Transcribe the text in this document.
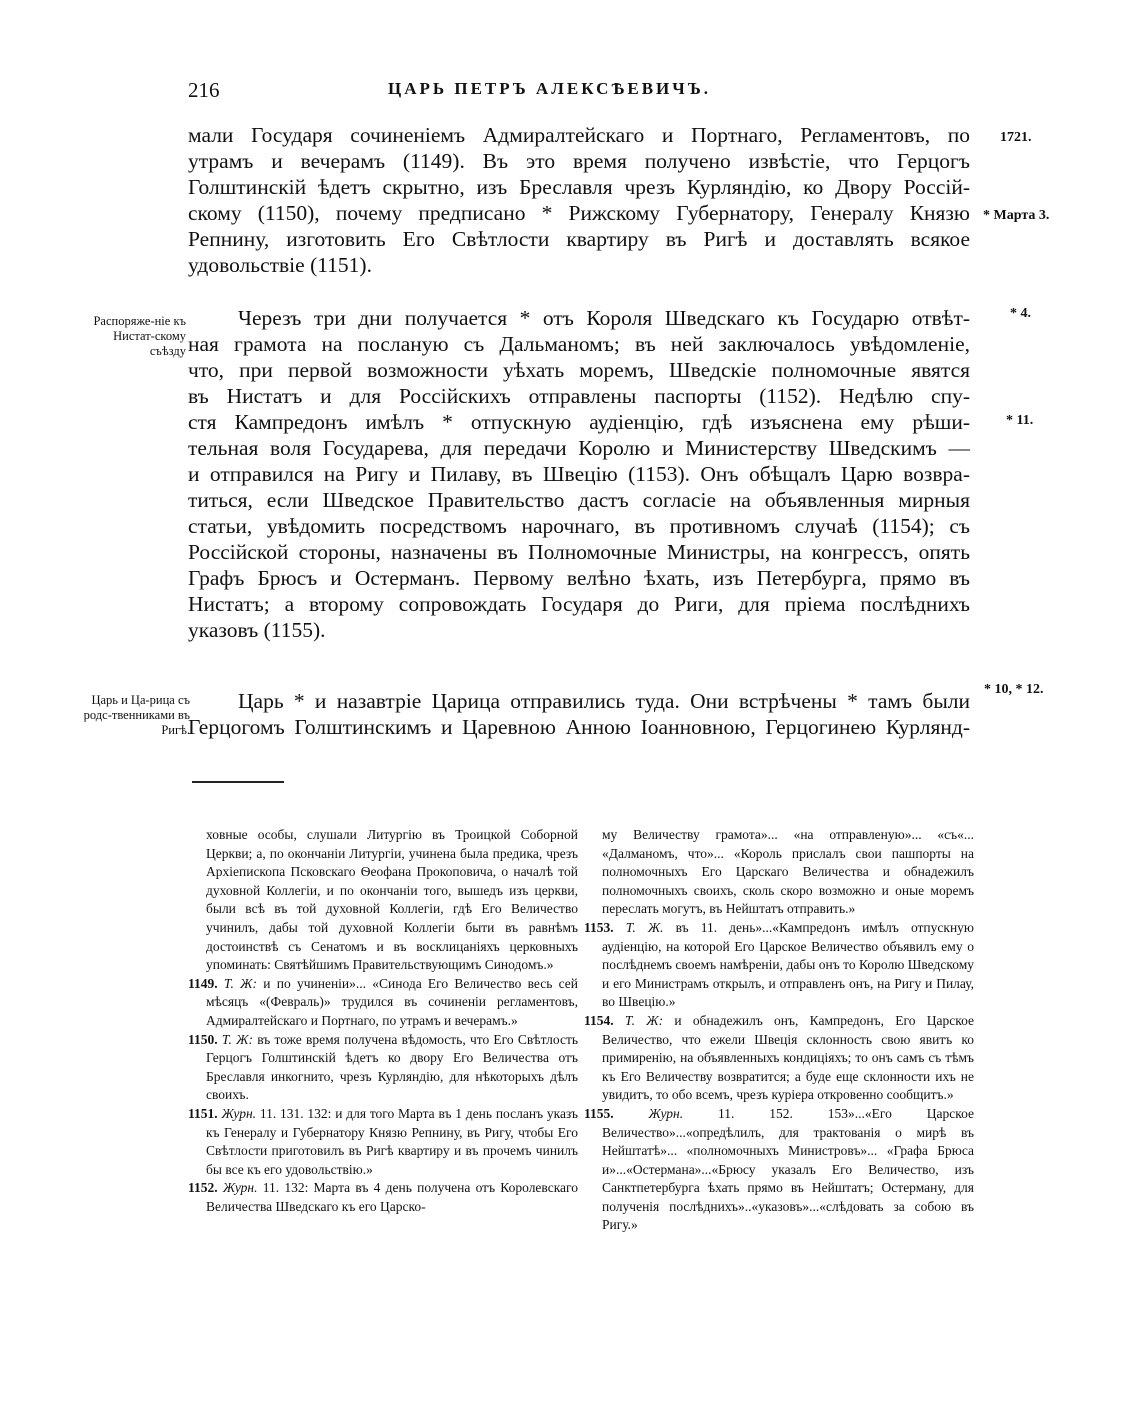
216	ЦАРЬ ПЕТРЪ АЛЕКСѢЕВИЧЪ.
1721.
* Марта 3.
* 4.
* 11.
* 10, * 12.
Распоряже-ніе къ Нистат-скому съѣзду
Царь и Ца-рица съ родс-твенниками въ Ригѣ.
мали Государя сочиненіемъ Адмиралтейскаго и Портнаго, Регламентовъ, по
утрамъ и вечерамъ (1149). Въ это время получено извѣстіе, что Герцогъ
Голштинскій ѣдетъ скрытно, изъ Бреславля чрезъ Курляндію, ко Двору Россій-
скому (1150), почему предписано * Рижскому Губернатору, Генералу Князю
Репнину, изготовить Его Свѣтлости квартиру въ Ригѣ и доставлять всякое
удовольствіе (1151).
Черезъ три дни получается * отъ Короля Шведскаго къ Государю отвѣт-
ная грамота на посланую съ Дальманомъ; въ ней заключалось увѣдомленіе,
что, при первой возможности уѣхать моремъ, Шведскіе полномочные явятся
въ Нистатъ и для Россійскихъ отправлены паспорты (1152). Недѣлю спу-
стя Кампредонъ имѣлъ * отпускную аудіенцію, гдѣ изъяснена ему рѣши-
тельная воля Государева, для передачи Королю и Министерству Шведскимъ —
и отправился на Ригу и Пилаву, въ Швецію (1153). Онъ обѣщалъ Царю возвра-
титься, если Шведское Правительство дастъ согласіе на объявленныя мирныя
статьи, увѣдомить посредствомъ нарочнаго, въ противномъ случаѣ (1154); съ
Россійской стороны, назначены въ Полномочные Министры, на конгрессъ, опять
Графъ Брюсъ и Остерманъ. Первому велѣно ѣхать, изъ Петербурга, прямо въ
Нистатъ; а второму сопровождать Государя до Риги, для пріема послѣднихъ
указовъ (1155).
Царь * и назавтріе Царица отправились туда. Они встрѣчены * тамъ были
Герцогомъ Голштинскимъ и Царевною Анною Іоанновною, Герцогинею Курлянд-
ховные особы, слушали Литургію въ Троицкой Соборной Церкви; а, по окончаніи Литургіи, учинена была предика, чрезъ Архіепископа Псковскаго Ѳеофана Прокоповича, о началѣ той духовной Коллегіи, и по окончаніи того, вышедъ изъ церкви, были всѣ въ той духовной Коллегіи, гдѣ Его Величество учинилъ, дабы той духовной Коллегіи быти въ равнѣмъ достоинствѣ съ Сенатомъ и въ восклицаніяхъ церковныхъ упоминать: Святѣйшимъ Правительствующимъ Синодомъ.»
1149. Т. Ж: и по учиненіи»... «Синода Его Величество весь сей мѣсяцъ «(Февраль)» трудился въ сочиненіи регламентовъ, Адмиралтейскаго и Портнаго, по утрамъ и вечерамъ.»
1150. Т. Ж: въ тоже время получена вѣдомость, что Его Свѣтлость Герцогъ Голштинскій ѣдетъ ко двору Его Величества отъ Бреславля инкогнито, чрезъ Курляндію, для нѣкоторыхъ дѣлъ своихъ.
1151. Журн. 11. 131. 132: и для того Марта въ 1 день посланъ указъ къ Генералу и Губернатору Князю Репнину, въ Ригу, чтобы Его Свѣтлости приготовилъ въ Ригѣ квартиру и въ прочемъ чинилъ бы все къ его удовольствію.»
1152. Журн. 11. 132: Марта въ 4 день получена отъ Королевскаго Величества Шведскаго къ его Царско-
му Величеству грамота»... «на отправленую»... «съ«... «Далманомъ, что»... «Король прислалъ свои пашпорты на полномочныхъ Его Царскаго Величества и обнадежилъ полномочныхъ своихъ, сколь скоро возможно и оные моремъ переслать могутъ, въ Нейштатъ отправить.»
1153. Т. Ж. въ 11. день»...«Кампредонъ имѣлъ отпускную аудіенцію, на которой Его Царское Величество объявилъ ему о послѣднемъ своемъ намѣреніи, дабы онъ то Королю Шведскому и его Министрамъ открылъ, и отправленъ онъ, на Ригу и Пилау, во Швецію.»
1154. Т. Ж: и обнадежилъ онъ, Кампредонъ, Его Царское Величество, что ежели Швеція склонность свою явитъ ко примиренію, на объявленныхъ кондиціяхъ; то онъ самъ съ тѣмъ къ Его Величеству возвратится; а буде еще склонности ихъ не увидитъ, то обо всемъ, чрезъ куріера откровенно сообщитъ.»
1155.	Журн.	11. 152. 153»...«Его Царское Величество»...«опредѣлилъ, для трактованія о мирѣ въ Нейштатѣ»... «полномочныхъ Министровъ»... «Графа Брюса и»...«Остермана»...«Брюсу указалъ Его Величество, изъ Санктпетербурга ѣхать прямо въ Нейштатъ; Остерману, для полученія послѣднихъ»..«указовъ»...«слѣдовать за собою въ Ригу.»
